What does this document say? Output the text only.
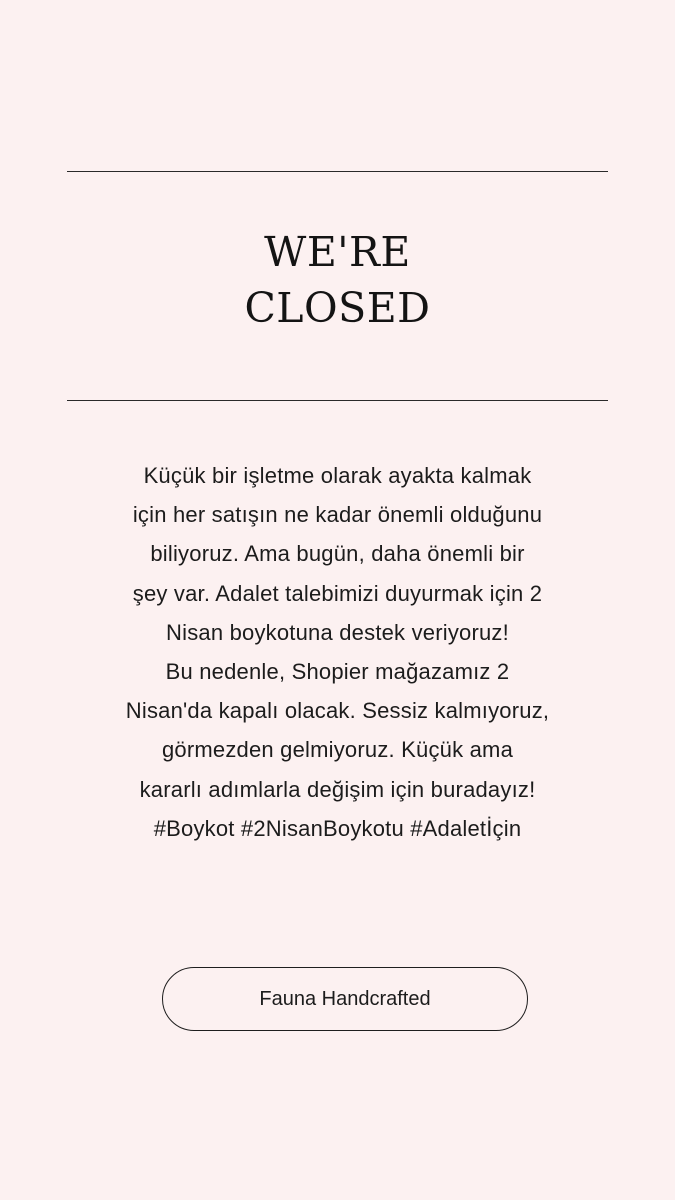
WE'RE
CLOSED
Küçük bir işletme olarak ayakta kalmak
için her satışın ne kadar önemli olduğunu
biliyoruz. Ama bugün, daha önemli bir
şey var. Adalet talebimizi duyurmak için 2
Nisan boykotuna destek veriyoruz!
Bu nedenle, Shopier mağazamız 2
Nisan'da kapalı olacak. Sessiz kalmıyoruz,
görmezden gelmiyoruz. Küçük ama
kararlı adımlarla değişim için buradayız!
#Boykot #2NisanBoykotu #Adaletİçin
Fauna Handcrafted
